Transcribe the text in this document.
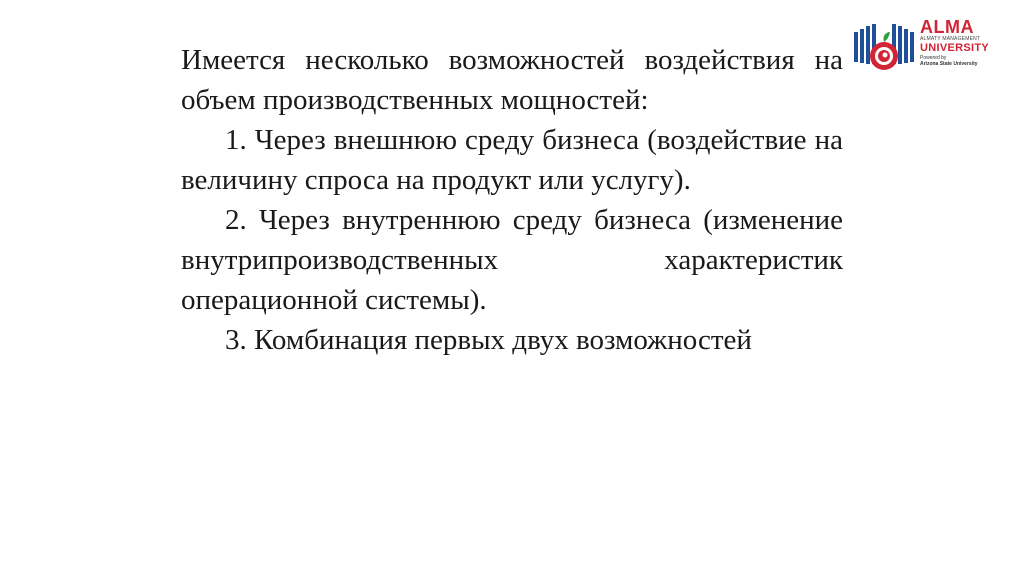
Имеется несколько возможностей воздействия на объем производственных мощностей:

1. Через внешнюю среду бизнеса (воздействие на величину спроса на продукт или услугу).

2. Через внутреннюю среду бизнеса (изменение внутрипроизводственных характеристик операционной системы).

3. Комбинация первых двух возможностей

ALMA
ALMATY MANAGEMENT
UNIVERSITY
Powered by
Arizona State University
